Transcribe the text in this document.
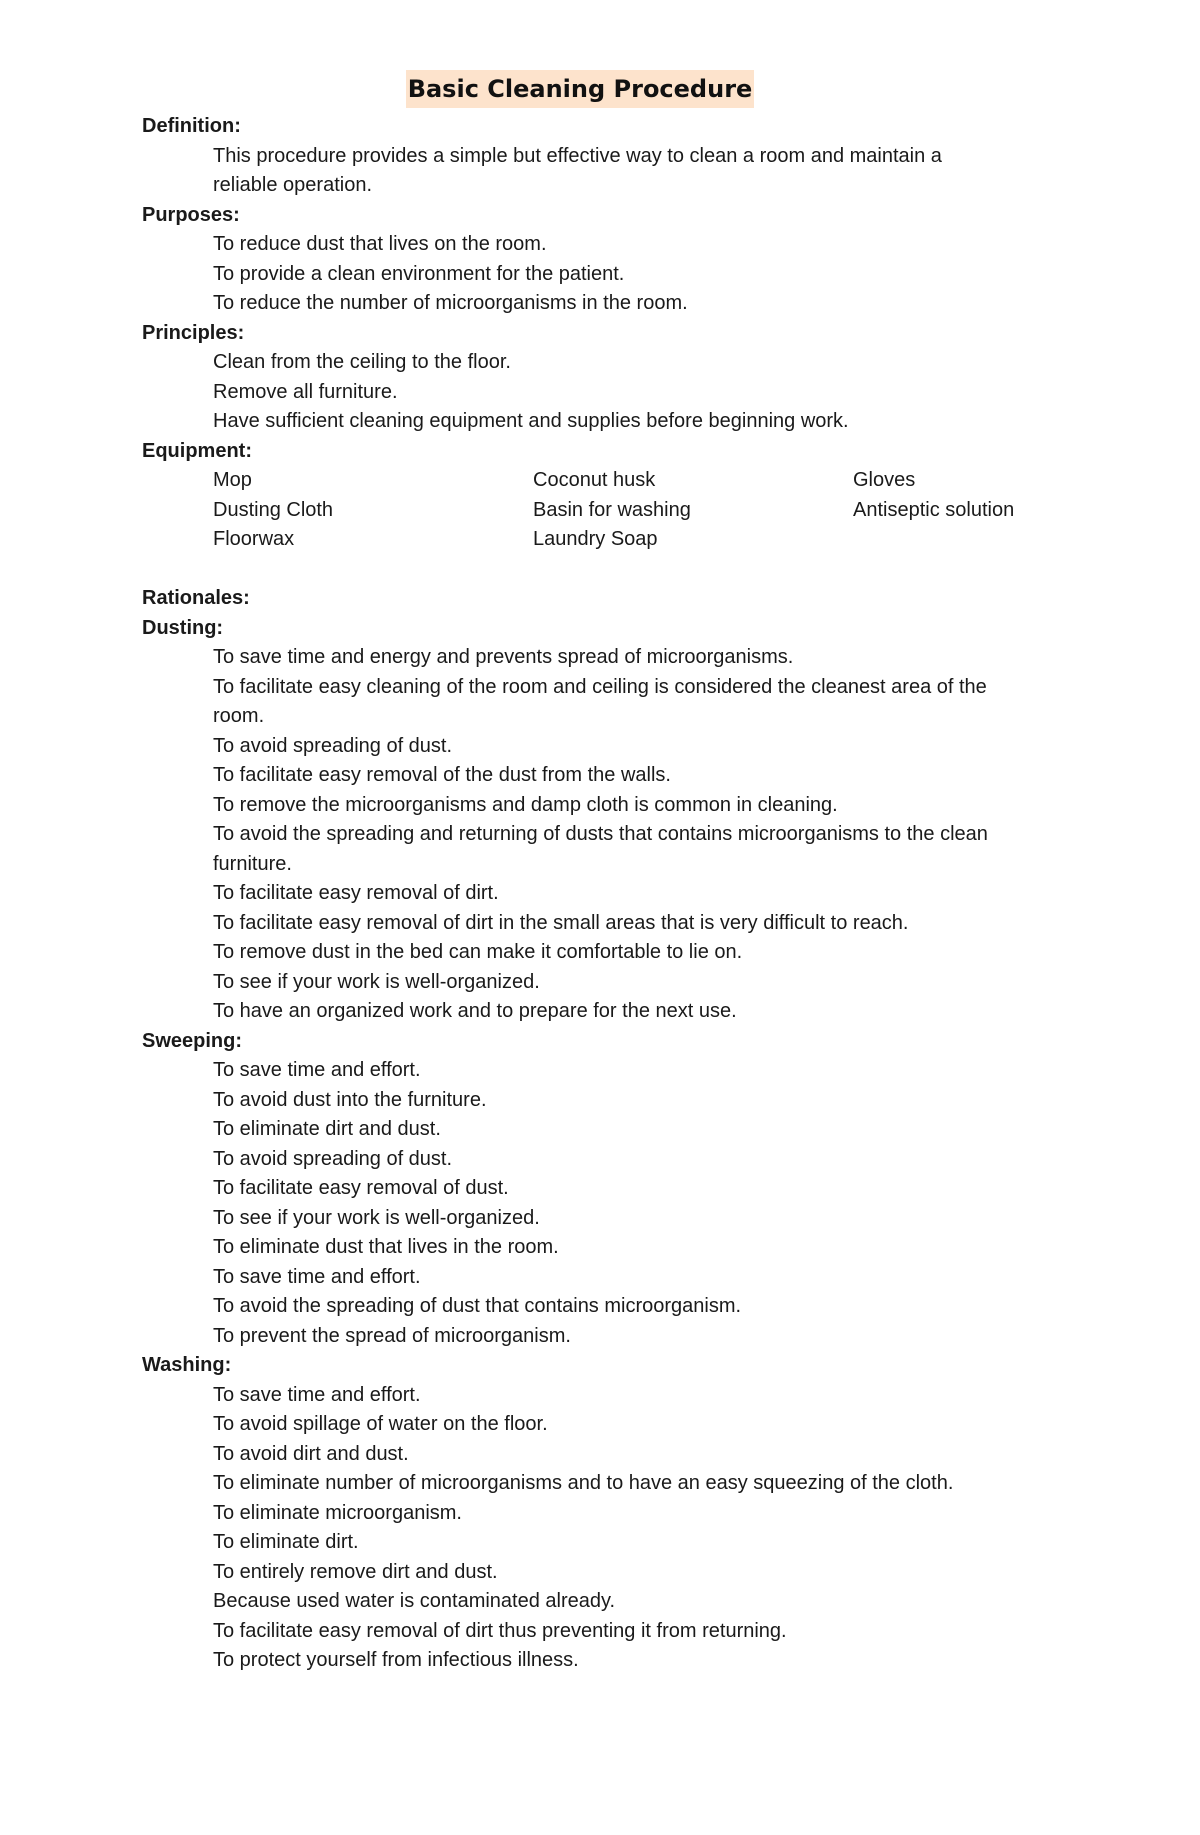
Basic Cleaning Procedure
Definition:
This procedure provides a simple but effective way to clean a room and maintain a
reliable operation.
Purposes:
To reduce dust that lives on the room.
To provide a clean environment for the patient.
To reduce the number of microorganisms in the room.
Principles:
Clean from the ceiling to the floor.
Remove all furniture.
Have sufficient cleaning equipment and supplies before beginning work.
Equipment:
Mop	Coconut husk	Gloves
Dusting Cloth	Basin for washing	Antiseptic solution
Floorwax	Laundry Soap
Rationales:
Dusting:
To save time and energy and prevents spread of microorganisms.
To facilitate easy cleaning of the room and ceiling is considered the cleanest area of the
room.
To avoid spreading of dust.
To facilitate easy removal of the dust from the walls.
To remove the microorganisms and damp cloth is common in cleaning.
To avoid the spreading and returning of dusts that contains microorganisms to the clean
furniture.
To facilitate easy removal of dirt.
To facilitate easy removal of dirt in the small areas that is very difficult to reach.
To remove dust in the bed can make it comfortable to lie on.
To see if your work is well-organized.
To have an organized work and to prepare for the next use.
Sweeping:
To save time and effort.
To avoid dust into the furniture.
To eliminate dirt and dust.
To avoid spreading of dust.
To facilitate easy removal of dust.
To see if your work is well-organized.
To eliminate dust that lives in the room.
To save time and effort.
To avoid the spreading of dust that contains microorganism.
To prevent the spread of microorganism.
Washing:
To save time and effort.
To avoid spillage of water on the floor.
To avoid dirt and dust.
To eliminate number of microorganisms and to have an easy squeezing of the cloth.
To eliminate microorganism.
To eliminate dirt.
To entirely remove dirt and dust.
Because used water is contaminated already.
To facilitate easy removal of dirt thus preventing it from returning.
To protect yourself from infectious illness.
